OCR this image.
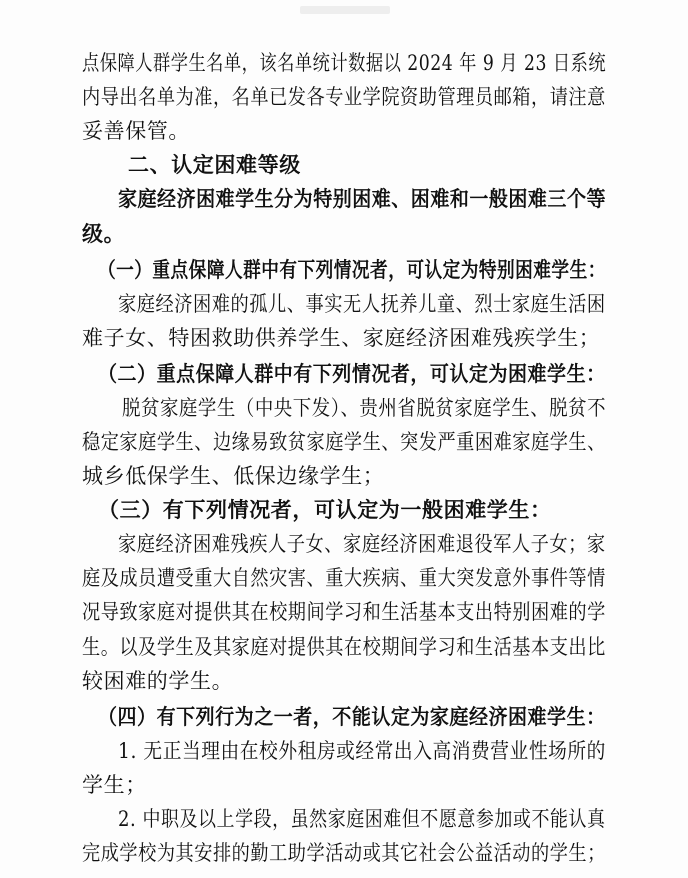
点保障人群学生名单，该名单统计数据以 2024 年 9 月 23 日系统
内导出名单为准，名单已发各专业学院资助管理员邮箱，请注意
妥善保管。
二、认定困难等级
家庭经济困难学生分为特别困难、困难和一般困难三个等
级。
（一）重点保障人群中有下列情况者，可认定为特别困难学生：
家庭经济困难的孤儿、事实无人抚养儿童、烈士家庭生活困
难子女、特困救助供养学生、家庭经济困难残疾学生；
（二）重点保障人群中有下列情况者，可认定为困难学生：
脱贫家庭学生（中央下发）、贵州省脱贫家庭学生、脱贫不
稳定家庭学生、边缘易致贫家庭学生、突发严重困难家庭学生、
城乡低保学生、低保边缘学生；
（三）有下列情况者，可认定为一般困难学生：
家庭经济困难残疾人子女、家庭经济困难退役军人子女；家
庭及成员遭受重大自然灾害、重大疾病、重大突发意外事件等情
况导致家庭对提供其在校期间学习和生活基本支出特别困难的学
生。以及学生及其家庭对提供其在校期间学习和生活基本支出比
较困难的学生。
（四）有下列行为之一者，不能认定为家庭经济困难学生：
1. 无正当理由在校外租房或经常出入高消费营业性场所的
学生；
2. 中职及以上学段，虽然家庭困难但不愿意参加或不能认真
完成学校为其安排的勤工助学活动或其它社会公益活动的学生；
